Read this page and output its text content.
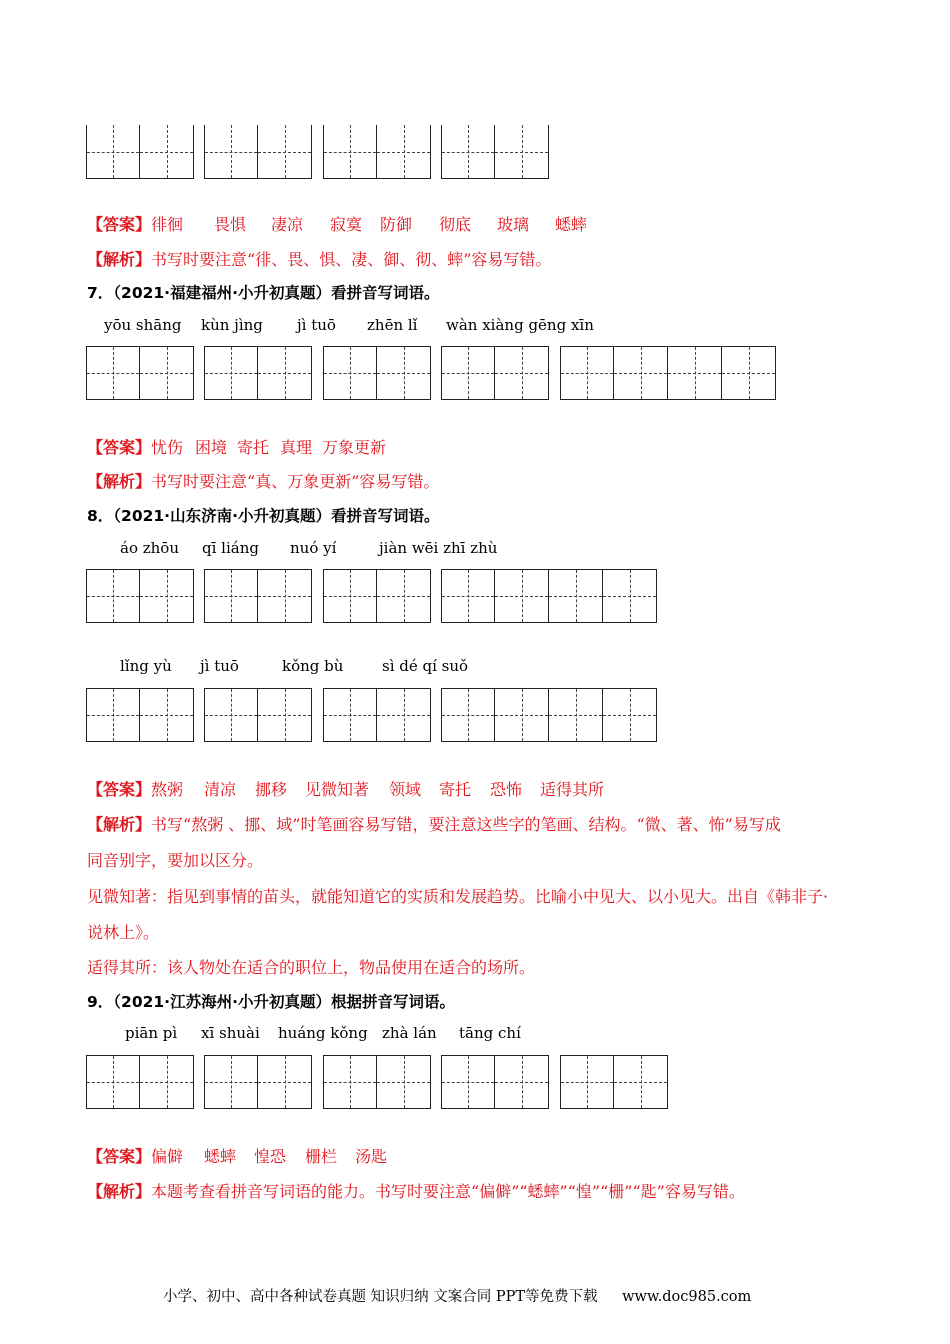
【答案】徘徊 畏惧 凄凉 寂寞 防御 彻底 玻璃 蟋蟀
【解析】书写时要注意“徘、畏、惧、凄、御、彻、蟀”容易写错。
7．（2021·福建福州·小升初真题）看拼音写词语。
yōu shāng kùn jìng jì tuō zhēn lǐ wàn xiàng gēng xīn
【答案】忧伤 困境 寄托 真理 万象更新
【解析】书写时要注意“真、万象更新”容易写错。
8．（2021·山东济南·小升初真题）看拼音写词语。
áo zhōu qī liáng nuó yí	jiàn wēi zhī zhù
lǐng yù jì tuō	kǒng bù	sì dé qí suǒ
【答案】熬粥 清凉 挪移 见微知著 领域 寄托 恐怖 适得其所
【解析】书写“熬粥 、挪、域”时笔画容易写错，要注意这些字的笔画、结构。“微、著、怖”易写成
同音别字，要加以区分。
见微知著：指见到事情的苗头，就能知道它的实质和发展趋势。比喻小中见大、以小见大。出自《韩非子·
说林上》。
适得其所：该人物处在适合的职位上，物品使用在适合的场所。
9．（2021·江苏海州·小升初真题）根据拼音写词语。
piān pì xī shuài huáng kǒng zhà lán tāng chí
【答案】偏僻 蟋蟀 惶恐 栅栏 汤匙
【解析】本题考查看拼音写词语的能力。书写时要注意“偏僻”“蟋蟀”“惶”“栅”“匙”容易写错。
小学、初中、高中各种试卷真题 知识归纳 文案合同 PPT等免费下载 www.doc985.com
